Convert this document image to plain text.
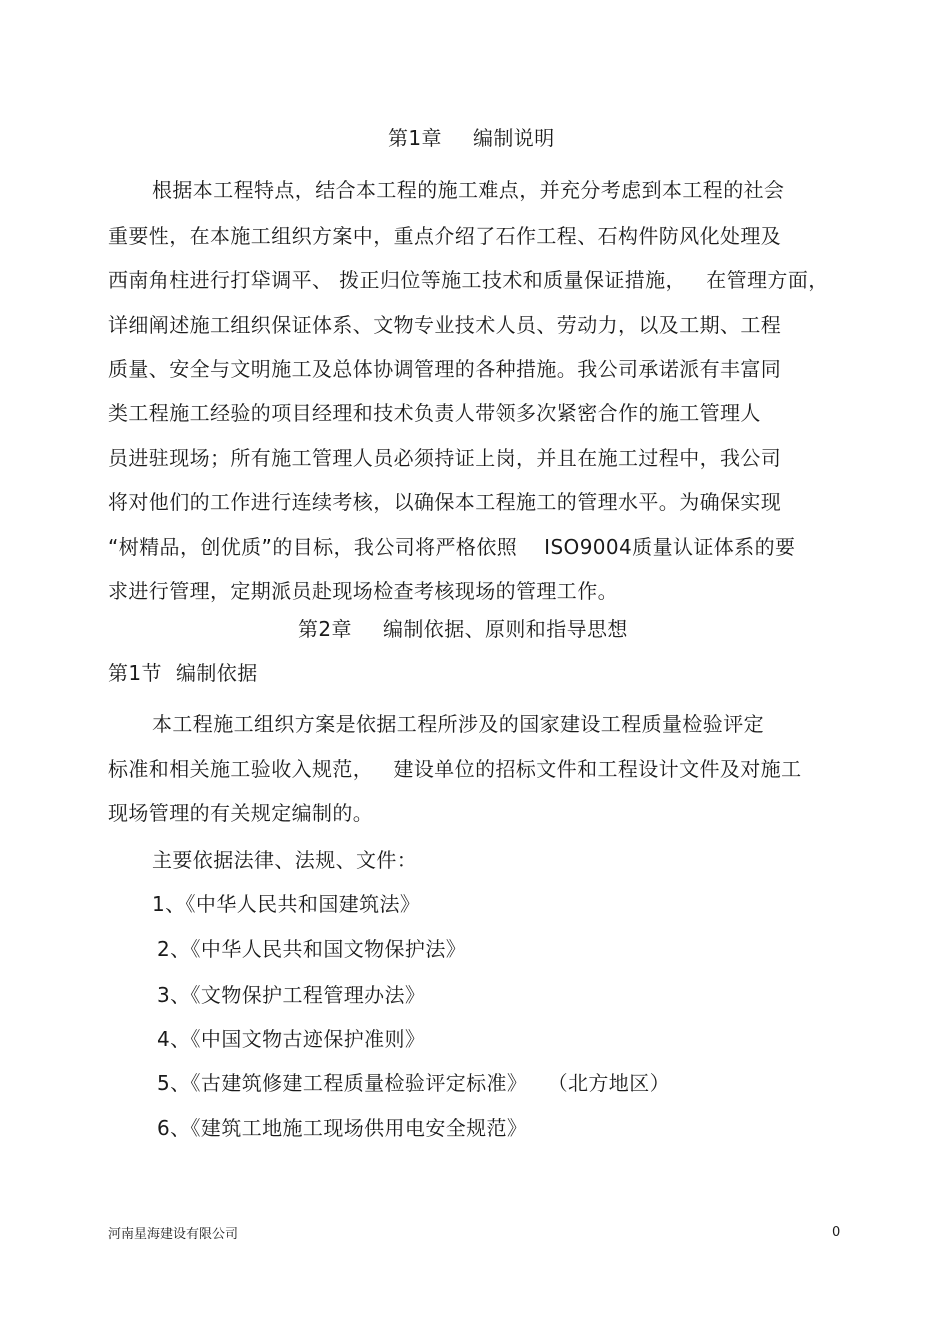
第1章 编制说明
根据本工程特点，结合本工程的施工难点，并充分考虑到本工程的社会
重要性，在本施工组织方案中，重点介绍了石作工程、石构件防风化处理及
西南角柱进行打牮调平、 拨正归位等施工技术和质量保证措施，   在管理方面，
详细阐述施工组织保证体系、文物专业技术人员、劳动力，以及工期、工程
质量、安全与文明施工及总体协调管理的各种措施。我公司承诺派有丰富同
类工程施工经验的项目经理和技术负责人带领多次紧密合作的施工管理人
员进驻现场；所有施工管理人员必须持证上岗，并且在施工过程中，我公司
将对他们的工作进行连续考核，以确保本工程施工的管理水平。为确保实现
“树精品，创优质”的目标，我公司将严格依照    ISO9004质量认证体系的要
求进行管理，定期派员赴现场检查考核现场的管理工作。
第2章 编制依据、原则和指导思想
第1节 编制依据
本工程施工组织方案是依据工程所涉及的国家建设工程质量检验评定
标准和相关施工验收入规范，   建设单位的招标文件和工程设计文件及对施工
现场管理的有关规定编制的。
主要依据法律、法规、文件：
1、《中华人民共和国建筑法》
2、《中华人民共和国文物保护法》
3、《文物保护工程管理办法》
4、《中国文物古迹保护准则》
5、《古建筑修建工程质量检验评定标准》   （北方地区）
6、《建筑工地施工现场供用电安全规范》
河南星海建设有限公司	0
